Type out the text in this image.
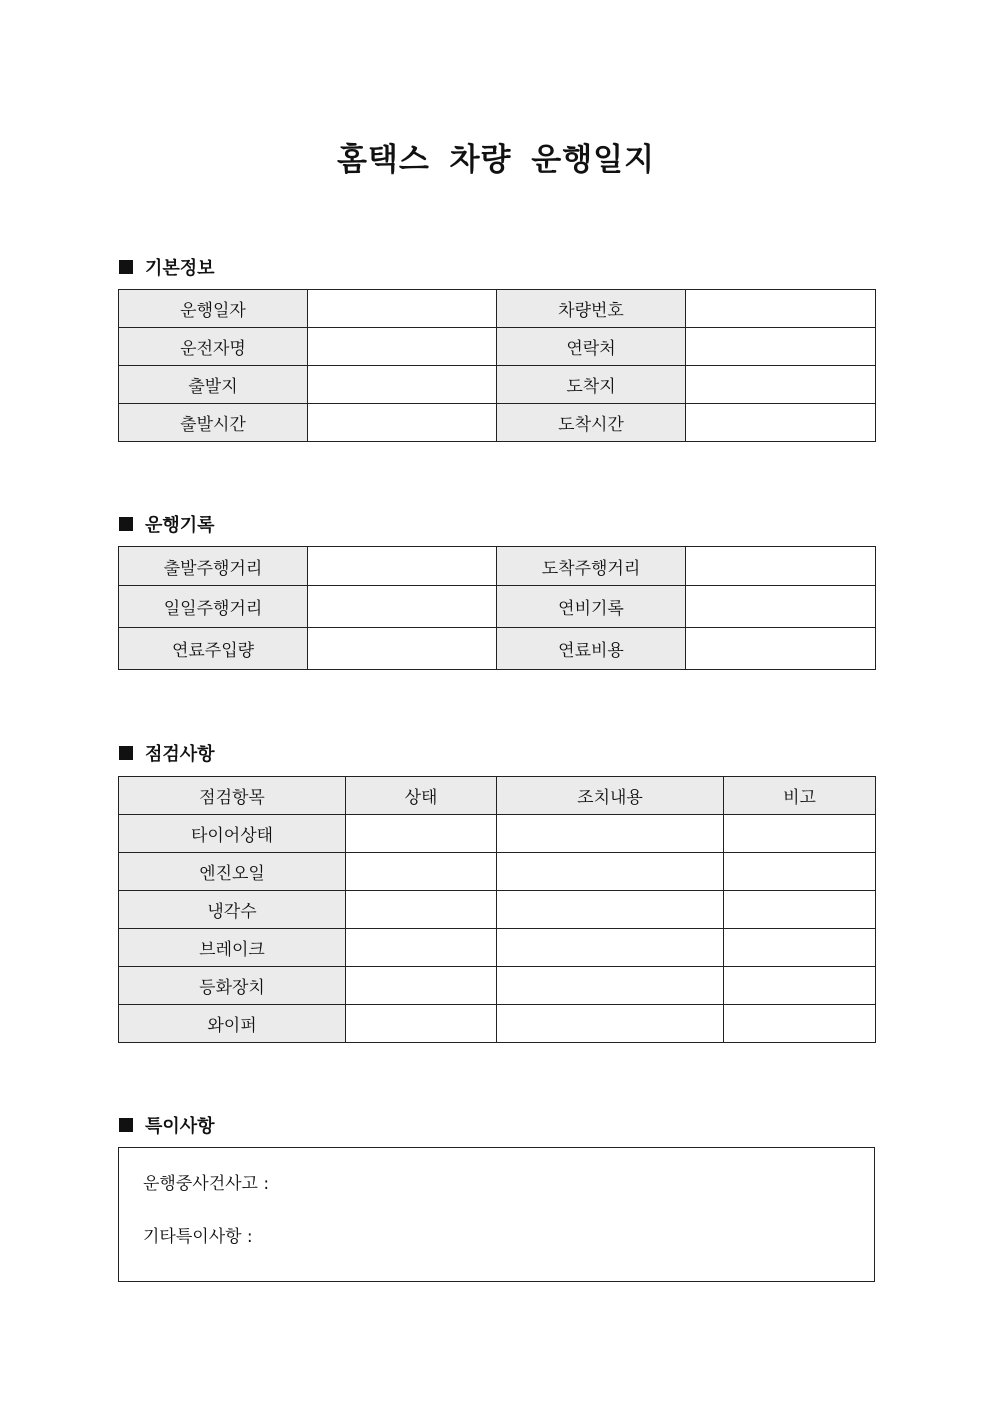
홈택스 차량 운행일지
기본정보
운행일자		차량번호	
운전자명		연락처	
출발지		도착지	
출발시간		도착시간	
운행기록
출발주행거리		도착주행거리	
일일주행거리		연비기록	
연료주입량		연료비용	
점검사항
점검항목	상태	조치내용	비고
타이어상태			
엔진오일			
냉각수			
브레이크			
등화장치			
와이퍼			
특이사항
운행중사건사고 :
기타특이사항 :
